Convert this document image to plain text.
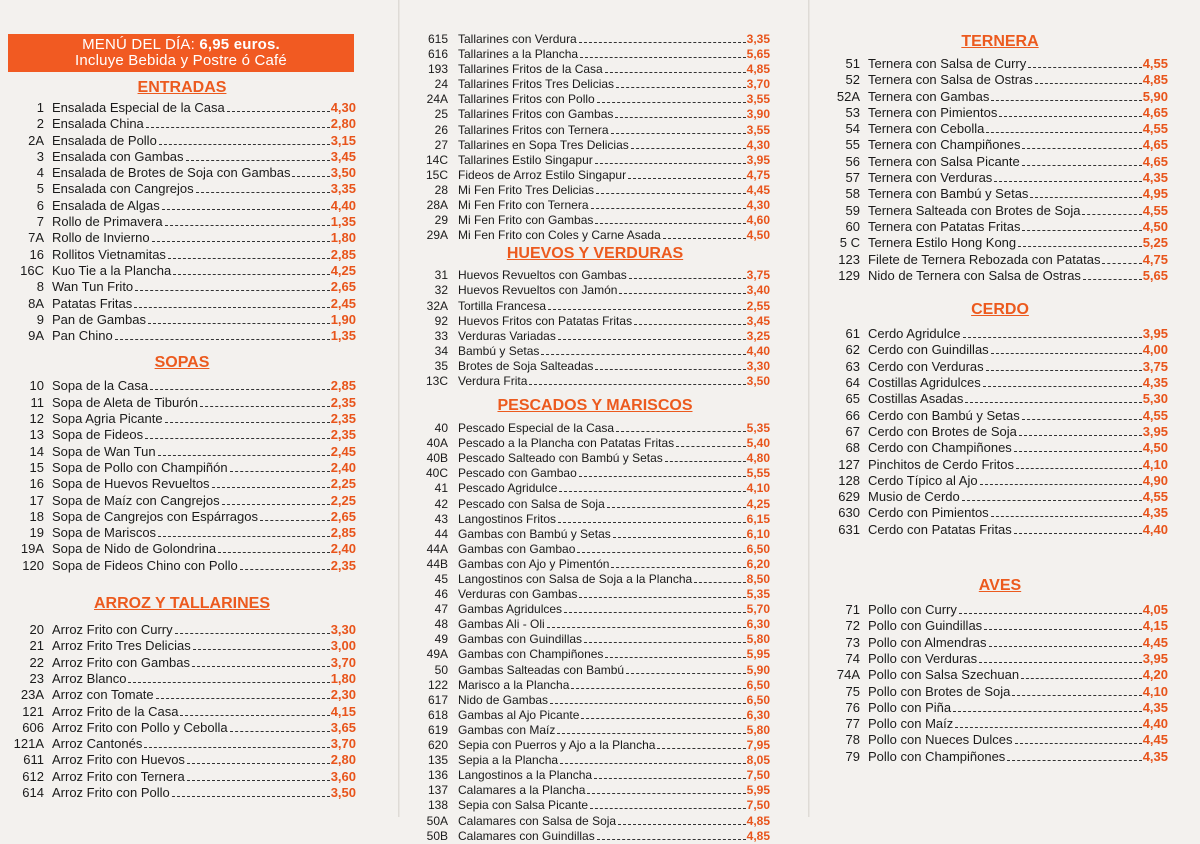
MENÚ DEL DÍA: 6,95 euros.
Incluye Bebida y Postre ó Café
ENTRADAS
1 Ensalada Especial de la Casa	4,30
2 Ensalada China	2,80
2A Ensalada de Pollo	3,15
3 Ensalada con Gambas	3,45
4 Ensalada de Brotes de Soja con Gambas	3,50
5 Ensalada con Cangrejos	3,35
6 Ensalada de Algas	4,40
7 Rollo de Primavera	1,35
7A Rollo de Invierno	1,80
16 Rollitos Vietnamitas	2,85
16C Kuo Tie a la Plancha	4,25
8 Wan Tun Frito	2,65
8A Patatas Fritas	2,45
9 Pan de Gambas	1,90
9A Pan Chino	1,35
SOPAS
10 Sopa de la Casa	2,85
11 Sopa de Aleta de Tiburón	2,35
12 Sopa Agria Picante	2,35
13 Sopa de Fideos	2,35
14 Sopa de Wan Tun	2,45
15 Sopa de Pollo con Champiñón	2,40
16 Sopa de Huevos Revueltos	2,25
17 Sopa de Maíz con Cangrejos	2,25
18 Sopa de Cangrejos con Espárragos	2,65
19 Sopa de Mariscos	2,85
19A Sopa de Nido de Golondrina	2,40
120 Sopa de Fideos Chino con Pollo	2,35
ARROZ Y TALLARINES
20 Arroz Frito con Curry	3,30
21 Arroz Frito Tres Delicias	3,00
22 Arroz Frito con Gambas	3,70
23 Arroz Blanco	1,80
23A Arroz con Tomate	2,30
121 Arroz Frito de la Casa	4,15
606 Arroz Frito con Pollo y Cebolla	3,65
121A Arroz Cantonés	3,70
611 Arroz Frito con Huevos	2,80
612 Arroz Frito con Ternera	3,60
614 Arroz Frito con Pollo	3,50
615 Tallarines con Verdura	3,35
616 Tallarines a la Plancha	5,65
193 Tallarines Fritos de la Casa	4,85
24 Tallarines Fritos Tres Delicias	3,70
24A Tallarines Fritos con Pollo	3,55
25 Tallarines Fritos con Gambas	3,90
26 Tallarines Fritos con Ternera	3,55
27 Tallarines en Sopa Tres Delicias	4,30
14C Tallarines Estilo Singapur	3,95
15C Fideos de Arroz Estilo Singapur	4,75
28 Mi Fen Frito Tres Delicias	4,45
28A Mi Fen Frito con Ternera	4,30
29 Mi Fen Frito con Gambas	4,60
29A Mi Fen Frito con Coles y Carne Asada	4,50
HUEVOS Y VERDURAS
31 Huevos Revueltos con Gambas	3,75
32 Huevos Revueltos con Jamón	3,40
32A Tortilla Francesa	2,55
92 Huevos Fritos con Patatas Fritas	3,45
33 Verduras Variadas	3,25
34 Bambú y Setas	4,40
35 Brotes de Soja Salteadas	3,30
13C Verdura Frita	3,50
PESCADOS Y MARISCOS
40 Pescado Especial de la Casa	5,35
40A Pescado a la Plancha con Patatas Fritas	5,40
40B Pescado Salteado con Bambú y Setas	4,80
40C Pescado con Gambao	5,55
41 Pescado Agridulce	4,10
42 Pescado con Salsa de Soja	4,25
43 Langostinos Fritos	6,15
44 Gambas con Bambú y Setas	6,10
44A Gambas con Gambao	6,50
44B Gambas con Ajo y Pimentón	6,20
45 Langostinos con Salsa de Soja a la Plancha	8,50
46 Verduras con Gambas	5,35
47 Gambas Agridulces	5,70
48 Gambas Ali - Oli	6,30
49 Gambas con Guindillas	5,80
49A Gambas con Champiñones	5,95
50 Gambas Salteadas con Bambú	5,90
122 Marisco a la Plancha	6,50
617 Nido de Gambas	6,50
618 Gambas al Ajo Picante	6,30
619 Gambas con Maíz	5,80
620 Sepia con Puerros y Ajo a la Plancha	7,95
135 Sepia a la Plancha	8,05
136 Langostinos a la Plancha	7,50
137 Calamares a la Plancha	5,95
138 Sepia con Salsa Picante	7,50
50A Calamares con Salsa de Soja	4,85
50B Calamares con Guindillas	4,85
TERNERA
51 Ternera con Salsa de Curry	4,55
52 Ternera con Salsa de Ostras	4,85
52A Ternera con Gambas	5,90
53 Ternera con Pimientos	4,65
54 Ternera con Cebolla	4,55
55 Ternera con Champiñones	4,65
56 Ternera con Salsa Picante	4,65
57 Ternera con Verduras	4,35
58 Ternera con Bambú y Setas	4,95
59 Ternera Salteada con Brotes de Soja	4,55
60 Ternera con Patatas Fritas	4,50
5 C Ternera Estilo Hong Kong	5,25
123 Filete de Ternera Rebozada con Patatas	4,75
129 Nido de Ternera con Salsa de Ostras	5,65
CERDO
61 Cerdo Agridulce	3,95
62 Cerdo con Guindillas	4,00
63 Cerdo con Verduras	3,75
64 Costillas Agridulces	4,35
65 Costillas Asadas	5,30
66 Cerdo con Bambú y Setas	4,55
67 Cerdo con Brotes de Soja	3,95
68 Cerdo con Champiñones	4,50
127 Pinchitos de Cerdo Fritos	4,10
128 Cerdo Típico al Ajo	4,90
629 Musio de Cerdo	4,55
630 Cerdo con Pimientos	4,35
631 Cerdo con Patatas Fritas	4,40
AVES
71 Pollo con Curry	4,05
72 Pollo con Guindillas	4,15
73 Pollo con Almendras	4,45
74 Pollo con Verduras	3,95
74A Pollo con Salsa Szechuan	4,20
75 Pollo con Brotes de Soja	4,10
76 Pollo con Piña	4,35
77 Pollo con Maíz	4,40
78 Pollo con Nueces Dulces	4,45
79 Pollo con Champiñones	4,35
